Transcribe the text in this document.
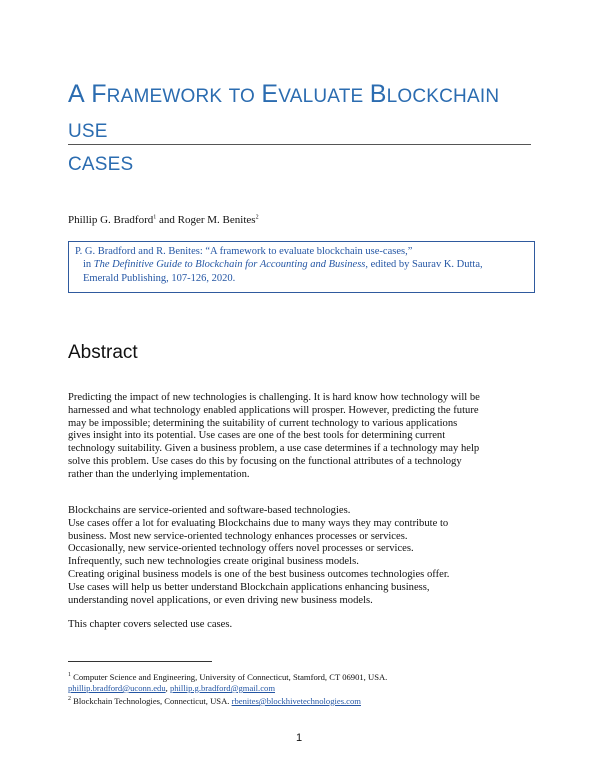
A FRAMEWORK TO EVALUATE BLOCKCHAIN USE
CASES
Phillip G. Bradford$^1$ and Roger M. Benites$^2$
P. G. Bradford and R. Benites: “A framework to evaluate blockchain use-cases,”
in The Definitive Guide to Blockchain for Accounting and Business, edited by Saurav K. Dutta,
Emerald Publishing, 107-126, 2020.
Abstract
Predicting the impact of new technologies is challenging. It is hard know how technology will be
harnessed and what technology enabled applications will prosper. However, predicting the future
may be impossible; determining the suitability of current technology to various applications
gives insight into its potential. Use cases are one of the best tools for determining current
technology suitability. Given a business problem, a use case determines if a technology may help
solve this problem. Use cases do this by focusing on the functional attributes of a technology
rather than the underlying implementation.
Blockchains are service-oriented and software-based technologies.
Use cases offer a lot for evaluating Blockchains due to many ways they may contribute to
business. Most new service-oriented technology enhances processes or services.
Occasionally, new service-oriented technology offers novel processes or services.
Infrequently, such new technologies create original business models.
Creating original business models is one of the best business outcomes technologies offer.
Use cases will help us better understand Blockchain applications enhancing business,
understanding novel applications, or even driving new business models.
This chapter covers selected use cases.
$^1$ Computer Science and Engineering, University of Connecticut, Stamford, CT 06901, USA.
phillip.bradford@uconn.edu, phillip.g.bradford@gmail.com
$^2$ Blockchain Technologies, Connecticut, USA. rbenites@blockhivetechnologies.com
1
